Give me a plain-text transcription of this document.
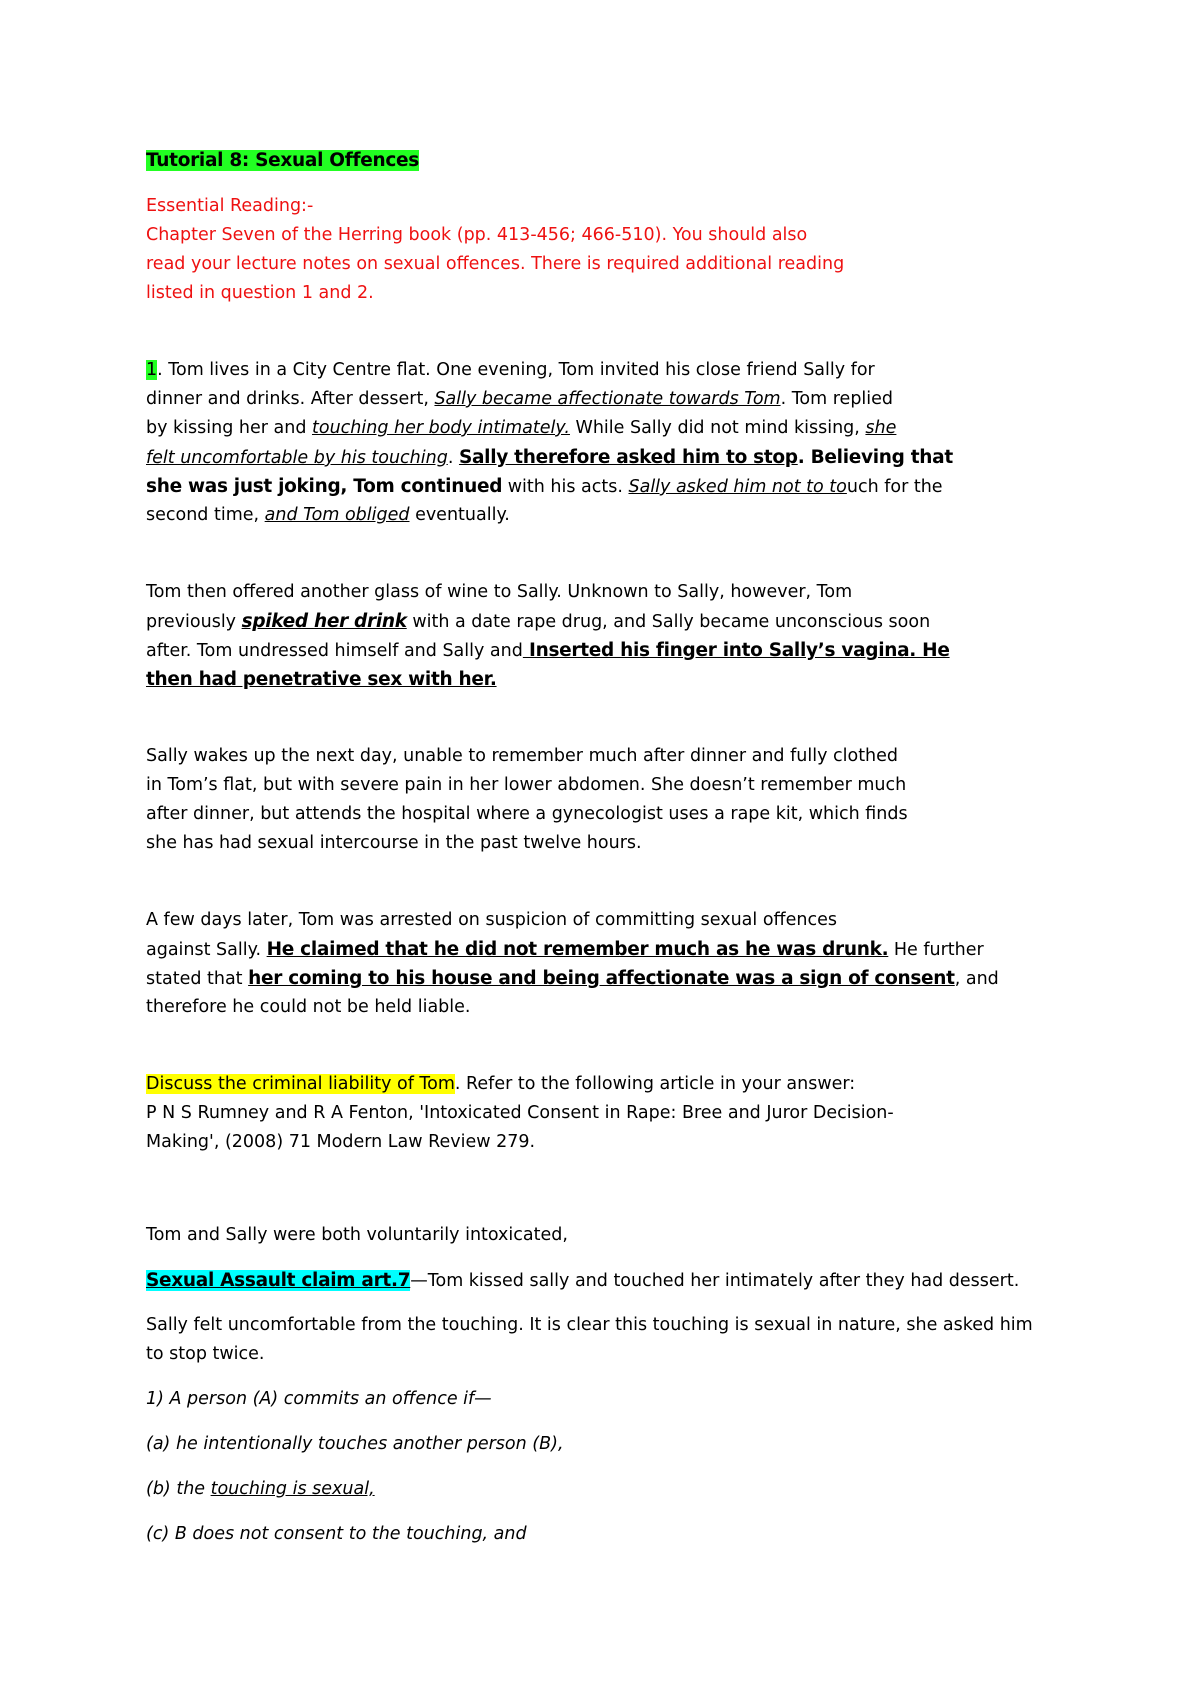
Tutorial 8: Sexual Offences

Essential Reading:-

Chapter Seven of the Herring book (pp. 413-456; 466-510). You should also

read your lecture notes on sexual offences. There is required additional reading

listed in question 1 and 2.

1. Tom lives in a City Centre flat. One evening, Tom invited his close friend Sally for

dinner and drinks. After dessert, Sally became affectionate towards Tom. Tom replied

by kissing her and touching her body intimately. While Sally did not mind kissing, she

felt uncomfortable by his touching. Sally therefore asked him to stop. Believing that

she was just joking, Tom continued with his acts. Sally asked him not to touch for the

second time, and Tom obliged eventually.

Tom then offered another glass of wine to Sally. Unknown to Sally, however, Tom

previously spiked her drink with a date rape drug, and Sally became unconscious soon

after. Tom undressed himself and Sally and Inserted his finger into Sally’s vagina. He

then had penetrative sex with her.

Sally wakes up the next day, unable to remember much after dinner and fully clothed

in Tom’s flat, but with severe pain in her lower abdomen. She doesn’t remember much

after dinner, but attends the hospital where a gynecologist uses a rape kit, which finds

she has had sexual intercourse in the past twelve hours.

A few days later, Tom was arrested on suspicion of committing sexual offences

against Sally. He claimed that he did not remember much as he was drunk. He further

stated that her coming to his house and being affectionate was a sign of consent, and

therefore he could not be held liable.

Discuss the criminal liability of Tom. Refer to the following article in your answer:

P N S Rumney and R A Fenton, 'Intoxicated Consent in Rape: Bree and Juror Decision-

Making', (2008) 71 Modern Law Review 279.

Tom and Sally were both voluntarily intoxicated,

Sexual Assault claim art.7—Tom kissed sally and touched her intimately after they had dessert.

Sally felt uncomfortable from the touching. It is clear this touching is sexual in nature, she asked him

to stop twice.

1) A person (A) commits an offence if—

(a) he intentionally touches another person (B),

(b) the touching is sexual,

(c) B does not consent to the touching, and
